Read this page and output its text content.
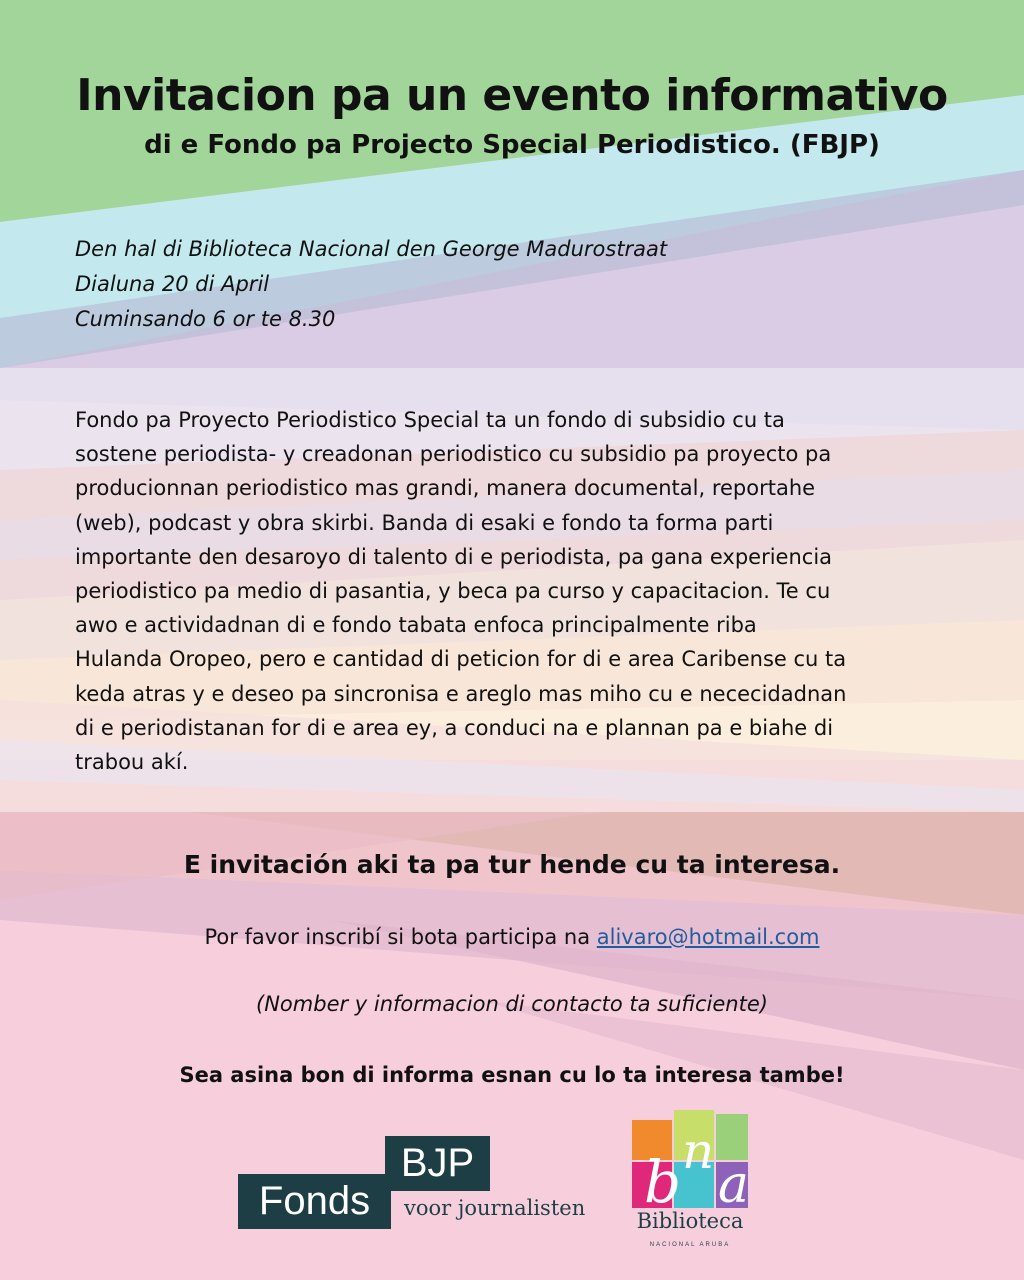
Invitacion pa un evento informativo
di e Fondo pa Projecto Special Periodistico. (FBJP)
Den hal di Biblioteca Nacional den George Madurostraat
Dialuna 20 di April
Cuminsando 6 or te 8.30
Fondo pa Proyecto Periodistico Special ta un fondo di subsidio cu ta
sostene periodista- y creadonan periodistico cu subsidio pa proyecto pa
producionnan periodistico mas grandi, manera documental, reportahe
(web), podcast y obra skirbi. Banda di esaki e fondo ta forma parti
importante den desaroyo di talento di e periodista, pa gana experiencia
periodistico pa medio di pasantia, y beca pa curso y capacitacion. Te cu
awo e actividadnan di e fondo tabata enfoca principalmente riba
Hulanda Oropeo, pero e cantidad di peticion for di e area Caribense cu ta
keda atras y e deseo pa sincronisa e areglo mas miho cu e nececidadnan
di e periodistanan for di e area ey, a conduci na e plannan pa e biahe di
trabou akí.
E invitación aki ta pa tur hende cu ta interesa.
Por favor inscribí si bota participa na alivaro@hotmail.com
(Nomber y informacion di contacto ta suficiente)
Sea asina bon di informa esnan cu lo ta interesa tambe!
BJP
Fonds	voor journalisten b n
a
Biblioteca
NACIONAL ARUBA
